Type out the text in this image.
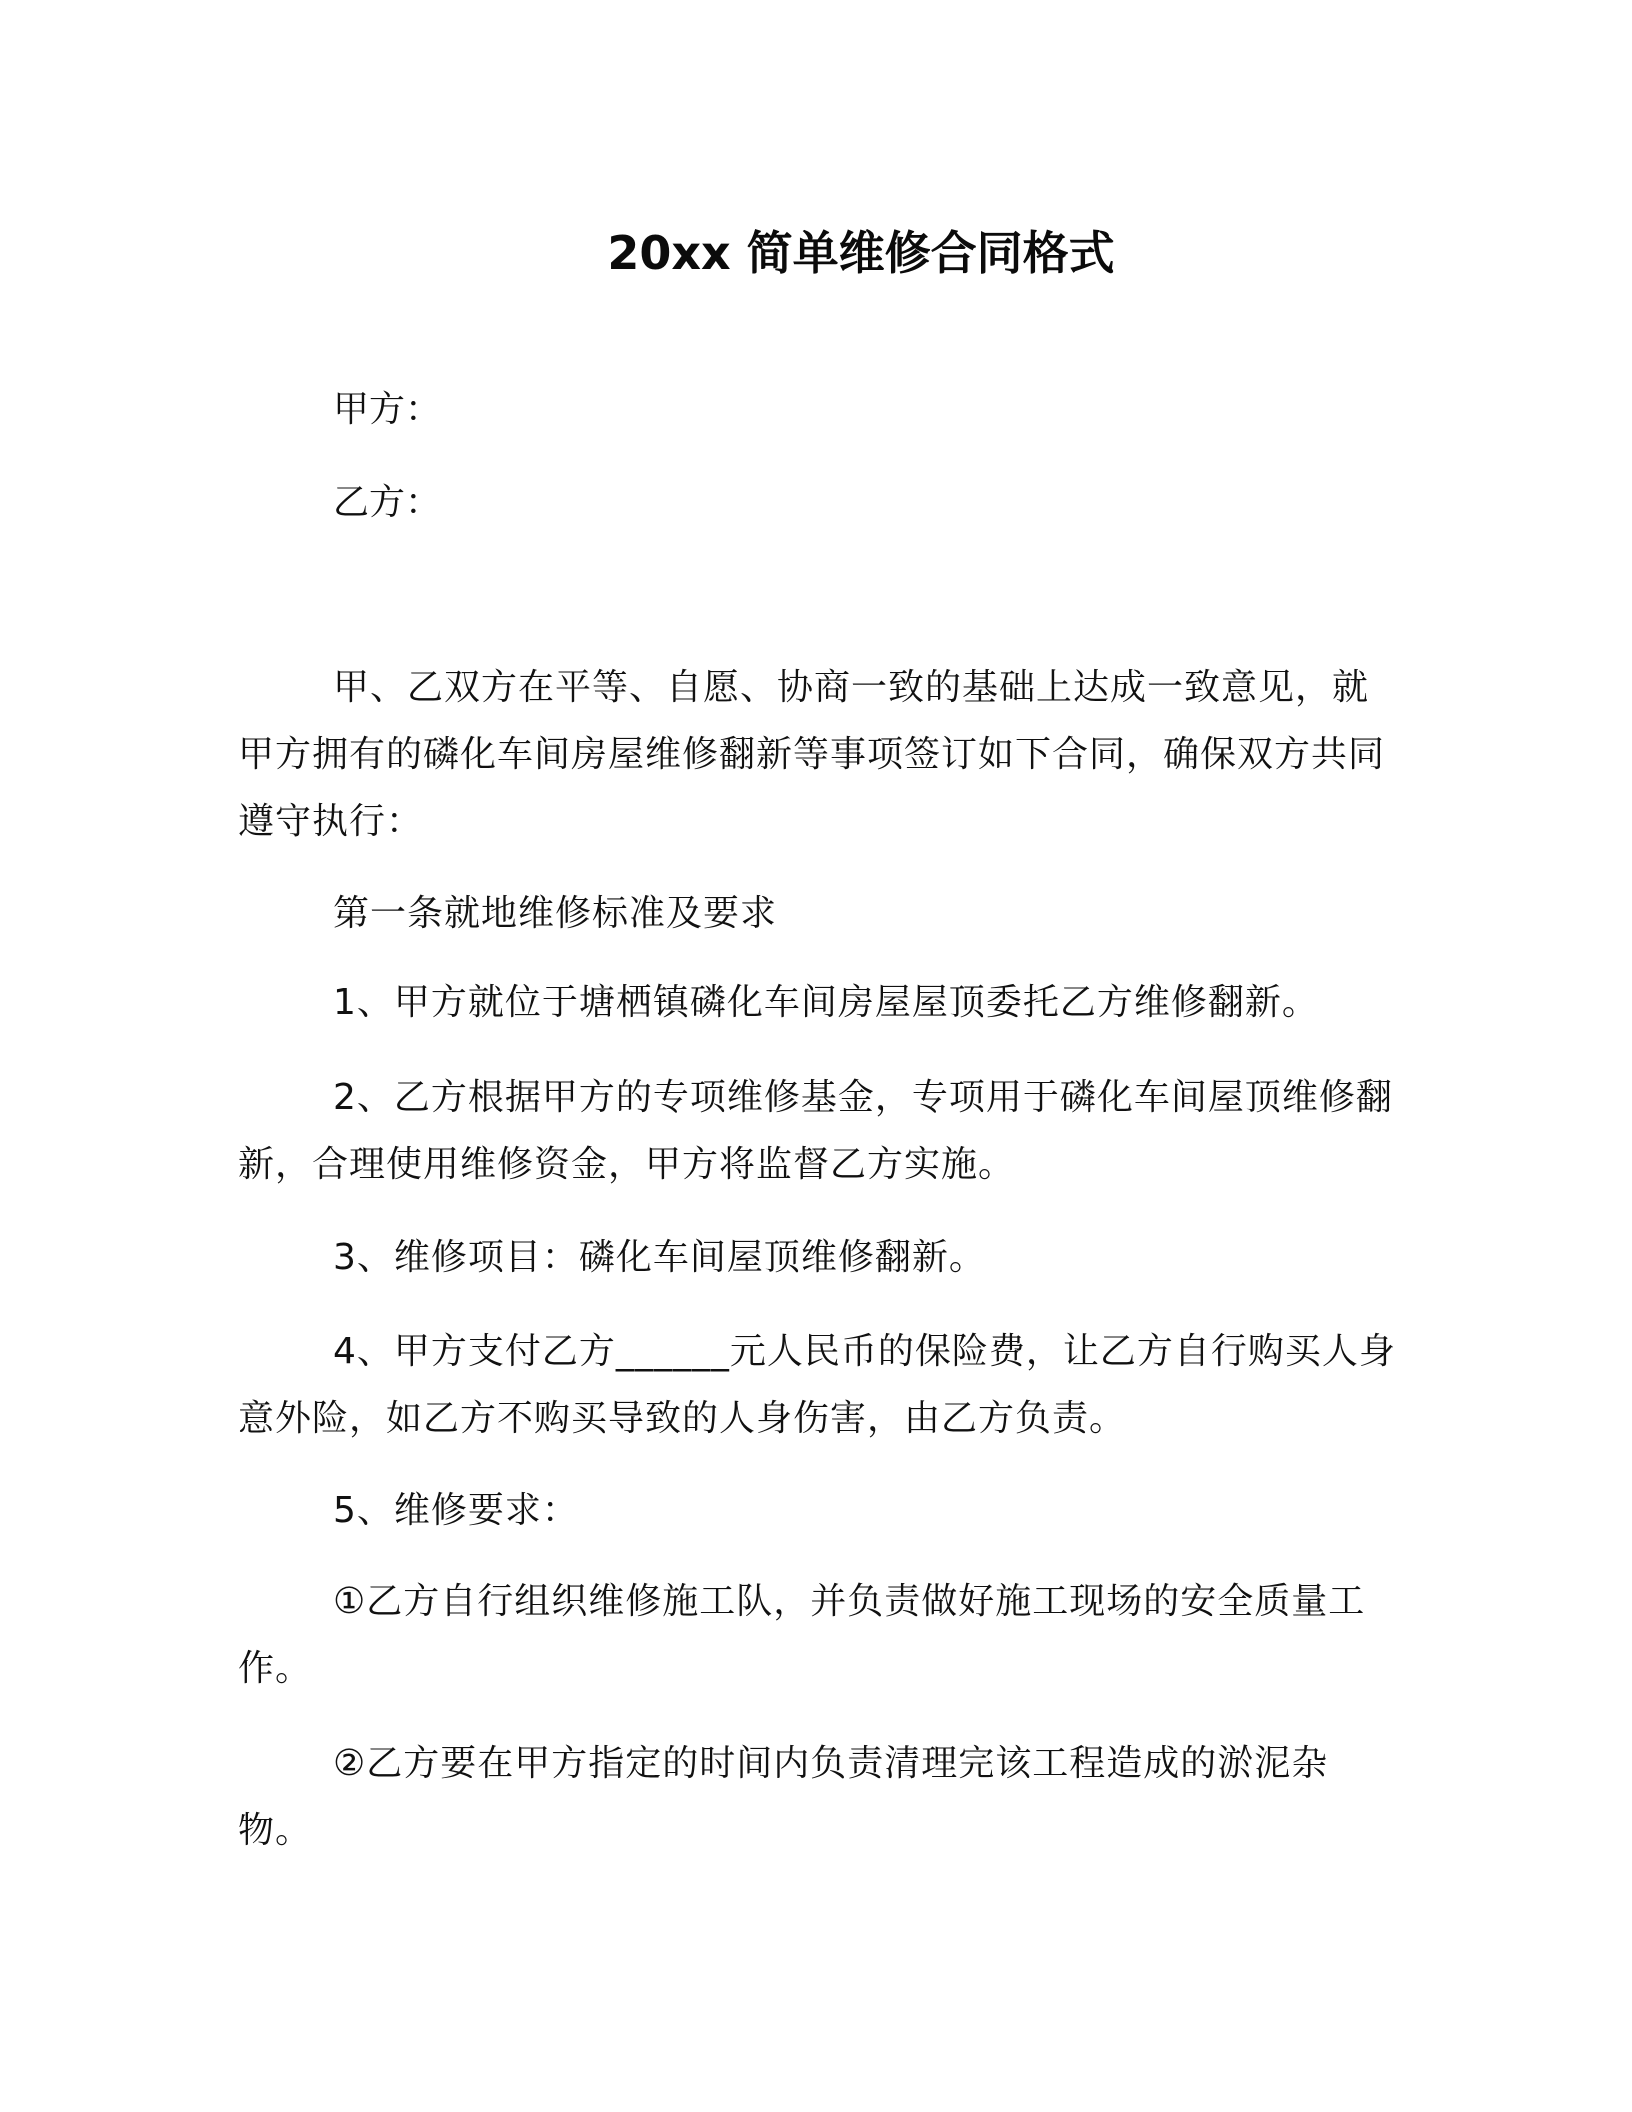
20xx 简单维修合同格式
甲方：
乙方：
甲、乙双方在平等、自愿、协商一致的基础上达成一致意见，就甲方拥有的磷化车间房屋维修翻新等事项签订如下合同，确保双方共同遵守执行：
第一条就地维修标准及要求
1、甲方就位于塘栖镇磷化车间房屋屋顶委托乙方维修翻新。
2、乙方根据甲方的专项维修基金，专项用于磷化车间屋顶维修翻新，合理使用维修资金，甲方将监督乙方实施。
3、维修项目：磷化车间屋顶维修翻新。
4、甲方支付乙方______元人民币的保险费，让乙方自行购买人身意外险，如乙方不购买导致的人身伤害，由乙方负责。
5、维修要求：
①乙方自行组织维修施工队，并负责做好施工现场的安全质量工作。
②乙方要在甲方指定的时间内负责清理完该工程造成的淤泥杂物。
